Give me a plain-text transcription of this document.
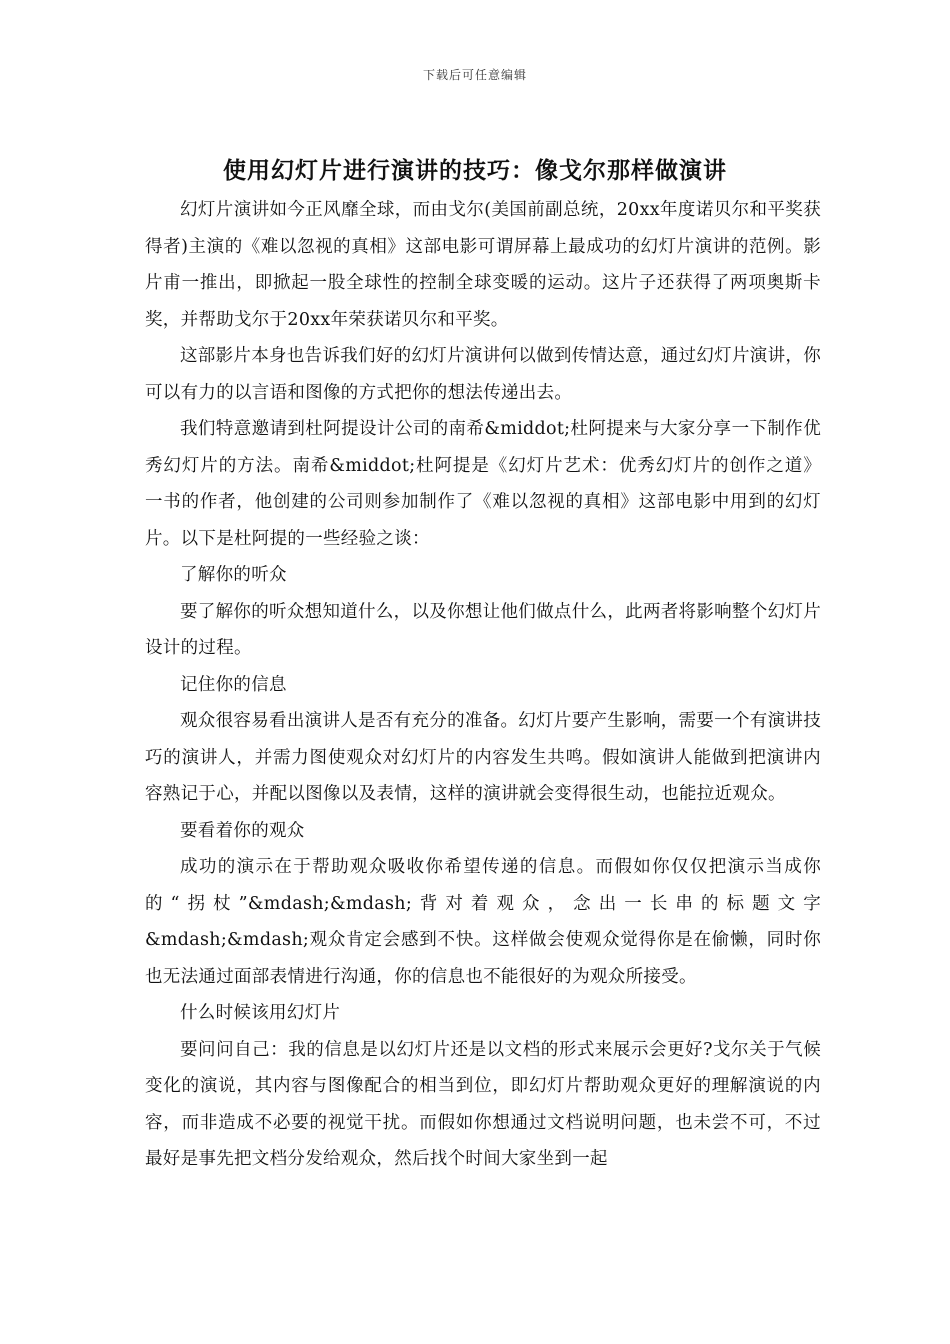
下载后可任意编辑
使用幻灯片进行演讲的技巧：像戈尔那样做演讲

幻灯片演讲如今正风靡全球，而由戈尔(美国前副总统，20xx年度诺贝尔和平奖获得者)主演的《难以忽视的真相》这部电影可谓屏幕上最成功的幻灯片演讲的范例。影片甫一推出，即掀起一股全球性的控制全球变暖的运动。这片子还获得了两项奥斯卡奖，并帮助戈尔于20xx年荣获诺贝尔和平奖。

这部影片本身也告诉我们好的幻灯片演讲何以做到传情达意，通过幻灯片演讲，你可以有力的以言语和图像的方式把你的想法传递出去。

我们特意邀请到杜阿提设计公司的南希&middot;杜阿提来与大家分享一下制作优秀幻灯片的方法。南希&middot;杜阿提是《幻灯片艺术：优秀幻灯片的创作之道》 一书的作者，他创建的公司则参加制作了《难以忽视的真相》这部电影中用到的幻灯片。以下是杜阿提的一些经验之谈：

了解你的听众

要了解你的听众想知道什么，以及你想让他们做点什么，此两者将影响整个幻灯片设计的过程。

记住你的信息

观众很容易看出演讲人是否有充分的准备。幻灯片要产生影响，需要一个有演讲技巧的演讲人，并需力图使观众对幻灯片的内容发生共鸣。假如演讲人能做到把演讲内容熟记于心，并配以图像以及表情，这样的演讲就会变得很生动，也能拉近观众。

要看着你的观众

成功的演示在于帮助观众吸收你希望传递的信息。而假如你仅仅把演示当成你的“拐杖”&mdash;&mdash;背对着观众，念出一长串的标题文字&mdash;&mdash;观众肯定会感到不快。这样做会使观众觉得你是在偷懒，同时你也无法通过面部表情进行沟通，你的信息也不能很好的为观众所接受。

什么时候该用幻灯片

要问问自己：我的信息是以幻灯片还是以文档的形式来展示会更好?戈尔关于气候变化的演说，其内容与图像配合的相当到位，即幻灯片帮助观众更好的理解演说的内容，而非造成不必要的视觉干扰。而假如你想通过文档说明问题，也未尝不可，不过最好是事先把文档分发给观众，然后找个时间大家坐到一起
